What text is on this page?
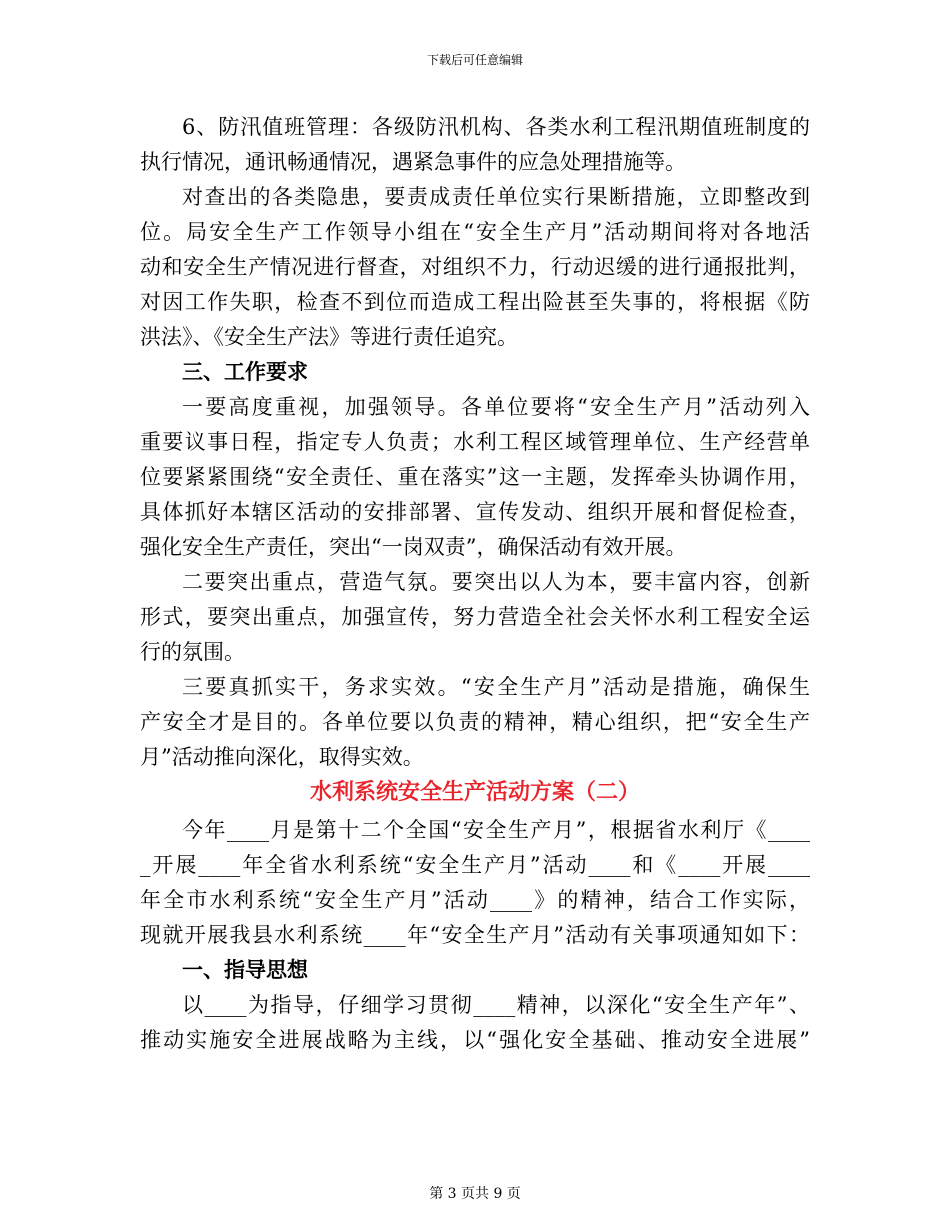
下载后可任意编辑
6、防汛值班管理：各级防汛机构、各类水利工程汛期值班制度的
执行情况，通讯畅通情况，遇紧急事件的应急处理措施等。
对查出的各类隐患，要责成责任单位实行果断措施，立即整改到
位。局安全生产工作领导小组在“安全生产月”活动期间将对各地活
动和安全生产情况进行督查，对组织不力，行动迟缓的进行通报批判，
对因工作失职，检查不到位而造成工程出险甚至失事的，将根据《防
洪法》、《安全生产法》等进行责任追究。
三、工作要求
一要高度重视，加强领导。各单位要将“安全生产月”活动列入
重要议事日程，指定专人负责；水利工程区域管理单位、生产经营单
位要紧紧围绕“安全责任、重在落实”这一主题，发挥牵头协调作用，
具体抓好本辖区活动的安排部署、宣传发动、组织开展和督促检查，
强化安全生产责任，突出“一岗双责”，确保活动有效开展。
二要突出重点，营造气氛。要突出以人为本，要丰富内容，创新
形式，要突出重点，加强宣传，努力营造全社会关怀水利工程安全运
行的氛围。
三要真抓实干，务求实效。“安全生产月”活动是措施，确保生
产安全才是目的。各单位要以负责的精神，精心组织，把“安全生产
月”活动推向深化，取得实效。
水利系统安全生产活动方案（二）
今年____月是第十二个全国“安全生产月”，根据省水利厅《____
_开展____年全省水利系统“安全生产月”活动____和《____开展____
年全市水利系统“安全生产月”活动____》的精神，结合工作实际，
现就开展我县水利系统____年“安全生产月”活动有关事项通知如下：
一、指导思想
以____为指导，仔细学习贯彻____精神，以深化“安全生产年”、
推动实施安全进展战略为主线，以“强化安全基础、推动安全进展”
第 3 页共 9 页
